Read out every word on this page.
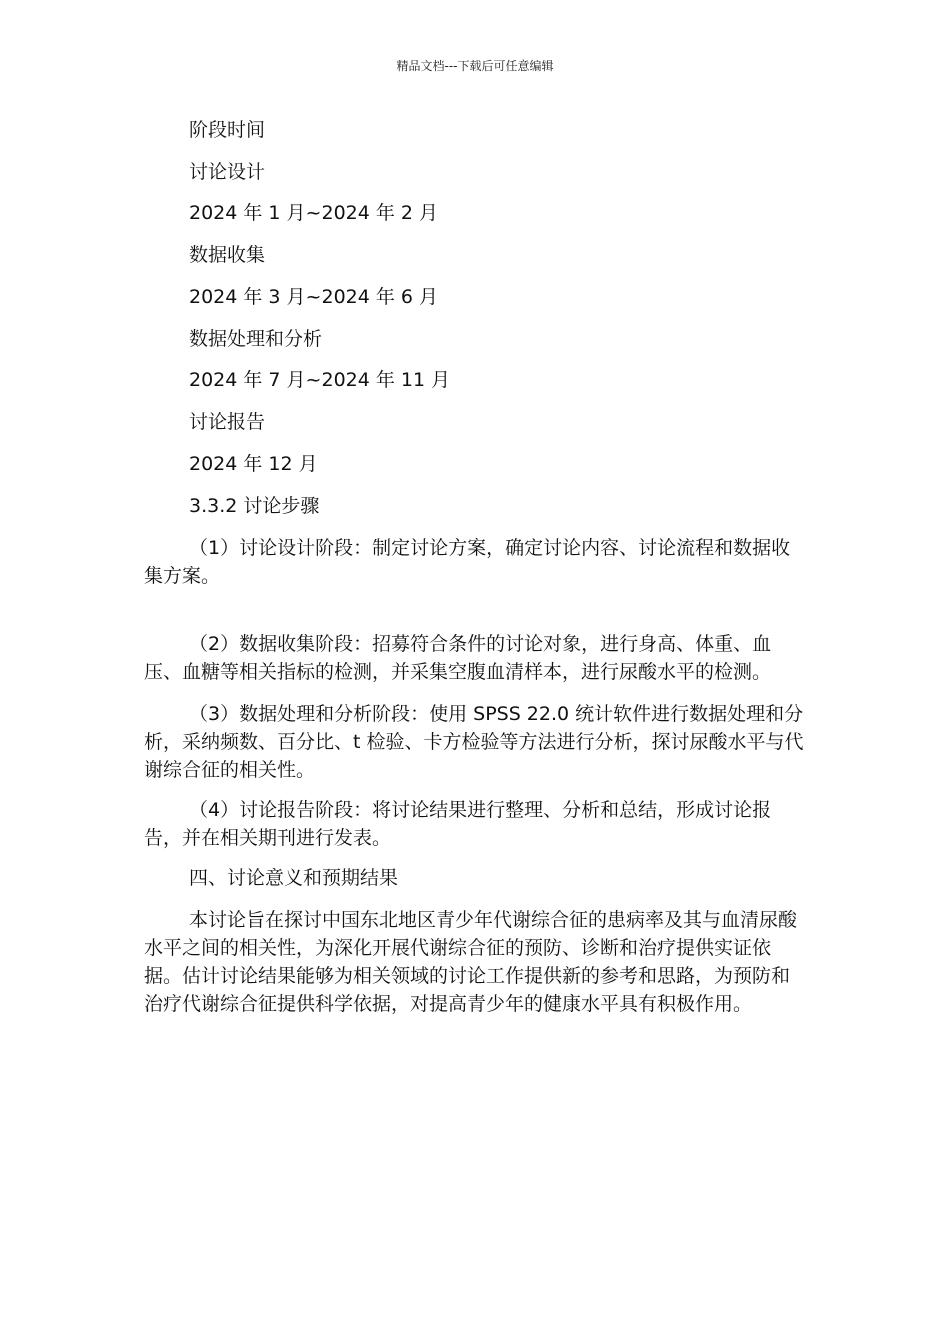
精品文档---下载后可任意编辑
阶段时间
讨论设计
2024 年 1 月~2024 年 2 月
数据收集
2024 年 3 月~2024 年 6 月
数据处理和分析
2024 年 7 月~2024 年 11 月
讨论报告
2024 年 12 月
3.3.2 讨论步骤

（1）讨论设计阶段：制定讨论方案，确定讨论内容、讨论流程和数据收集方案。

（2）数据收集阶段：招募符合条件的讨论对象，进行身高、体重、血压、血糖等相关指标的检测，并采集空腹血清样本，进行尿酸水平的检测。

（3）数据处理和分析阶段：使用 SPSS 22.0 统计软件进行数据处理和分析，采纳频数、百分比、t 检验、卡方检验等方法进行分析，探讨尿酸水平与代谢综合征的相关性。

（4）讨论报告阶段：将讨论结果进行整理、分析和总结，形成讨论报告，并在相关期刊进行发表。

四、讨论意义和预期结果

本讨论旨在探讨中国东北地区青少年代谢综合征的患病率及其与血清尿酸水平之间的相关性，为深化开展代谢综合征的预防、诊断和治疗提供实证依据。估计讨论结果能够为相关领域的讨论工作提供新的参考和思路，为预防和治疗代谢综合征提供科学依据，对提高青少年的健康水平具有积极作用。
